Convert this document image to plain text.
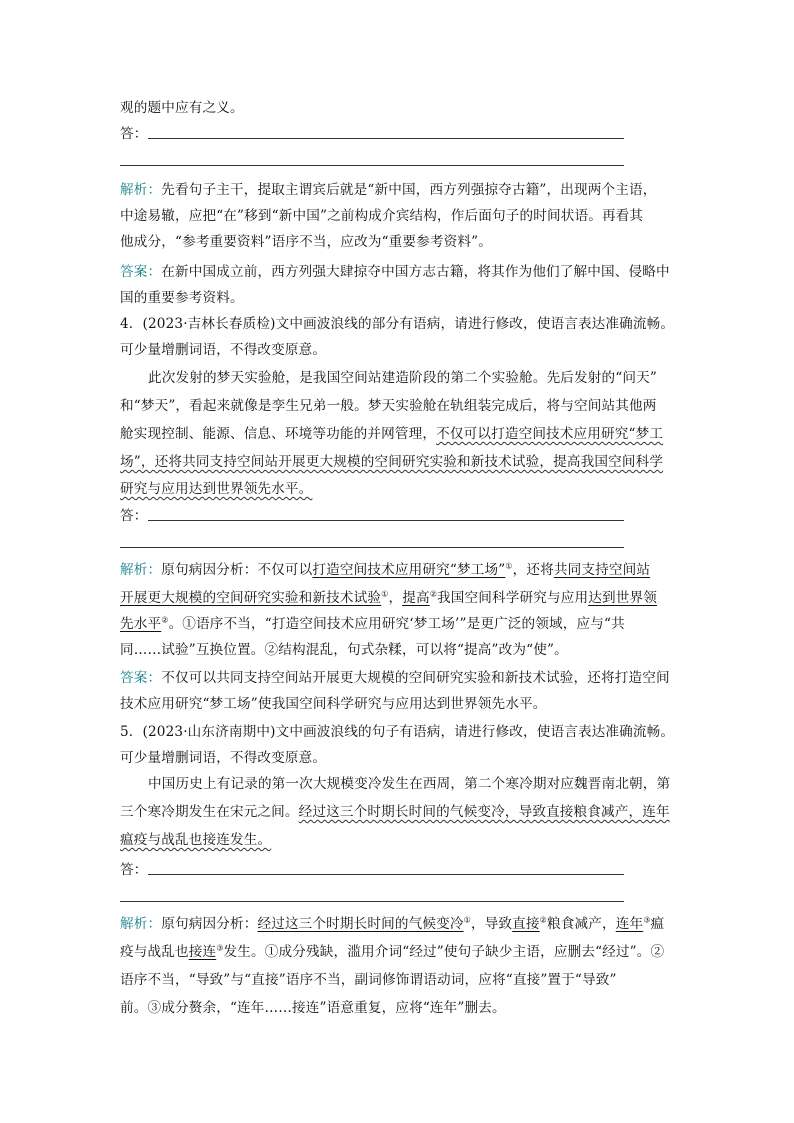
观的题中应有之义。
答：
解析：先看句子主干，提取主谓宾后就是“新中国，西方列强掠夺古籍”，出现两个主语，
中途易辙，应把“在”移到“新中国”之前构成介宾结构，作后面句子的时间状语。再看其
他成分，“参考重要资料”语序不当，应改为“重要参考资料”。
答案：在新中国成立前，西方列强大肆掠夺中国方志古籍，将其作为他们了解中国、侵略中
国的重要参考资料。
4．(2023·吉林长春质检)文中画波浪线的部分有语病，请进行修改，使语言表达准确流畅。
可少量增删词语，不得改变原意。
此次发射的梦天实验舱，是我国空间站建造阶段的第二个实验舱。先后发射的“问天”
和“梦天”，看起来就像是孪生兄弟一般。梦天实验舱在轨组装完成后，将与空间站其他两
舱实现控制、能源、信息、环境等功能的并网管理，不仅可以打造空间技术应用研究“梦工
场”，还将共同支持空间站开展更大规模的空间研究实验和新技术试验，提高我国空间科学
研究与应用达到世界领先水平。
答：
解析：原句病因分析：不仅可以打造空间技术应用研究“梦工场”①，还将共同支持空间站
开展更大规模的空间研究实验和新技术试验①，提高②我国空间科学研究与应用达到世界领
先水平②。①语序不当，“打造空间技术应用研究‘梦工场’”是更广泛的领域，应与“共
同……试验”互换位置。②结构混乱，句式杂糅，可以将“提高”改为“使”。
答案：不仅可以共同支持空间站开展更大规模的空间研究实验和新技术试验，还将打造空间
技术应用研究“梦工场”使我国空间科学研究与应用达到世界领先水平。
5．(2023·山东济南期中)文中画波浪线的句子有语病，请进行修改，使语言表达准确流畅。
可少量增删词语，不得改变原意。
中国历史上有记录的第一次大规模变冷发生在西周，第二个寒冷期对应魏晋南北朝，第
三个寒冷期发生在宋元之间。经过这三个时期长时间的气候变冷，导致直接粮食减产，连年
瘟疫与战乱也接连发生。
答：
解析：原句病因分析：经过这三个时期长时间的气候变冷①，导致直接②粮食减产，连年③瘟
疫与战乱也接连③发生。①成分残缺，滥用介词“经过”使句子缺少主语，应删去“经过”。②
语序不当，“导致”与“直接”语序不当，副词修饰谓语动词，应将“直接”置于“导致”
前。③成分赘余，“连年……接连”语意重复，应将“连年”删去。
